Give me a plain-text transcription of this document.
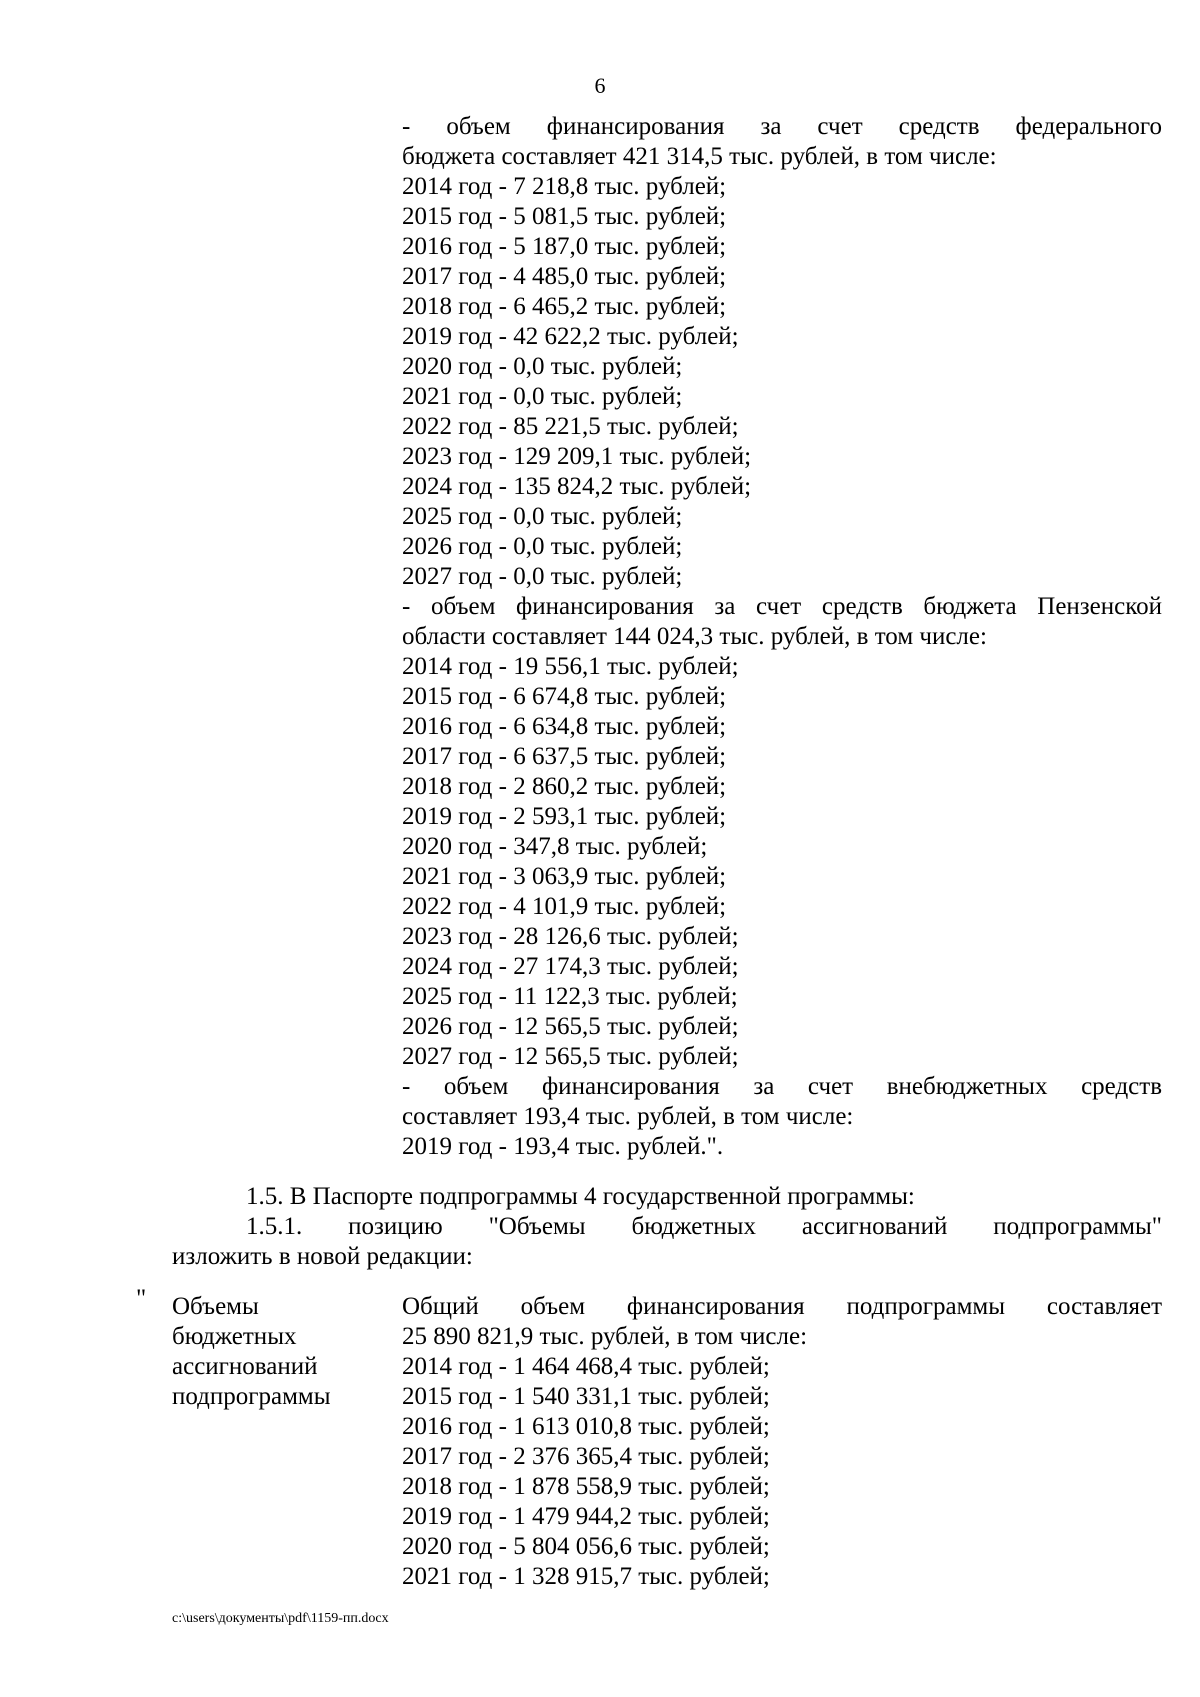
6
- объем финансирования за счет средств федерального
бюджета составляет 421 314,5 тыс. рублей, в том числе:
2014 год - 7 218,8 тыс. рублей;
2015 год - 5 081,5 тыс. рублей;
2016 год - 5 187,0 тыс. рублей;
2017 год - 4 485,0 тыс. рублей;
2018 год - 6 465,2 тыс. рублей;
2019 год - 42 622,2 тыс. рублей;
2020 год - 0,0 тыс. рублей;
2021 год - 0,0 тыс. рублей;
2022 год - 85 221,5 тыс. рублей;
2023 год - 129 209,1 тыс. рублей;
2024 год - 135 824,2 тыс. рублей;
2025 год - 0,0 тыс. рублей;
2026 год - 0,0 тыс. рублей;
2027 год - 0,0 тыс. рублей;
- объем финансирования за счет средств бюджета Пензенской
области составляет 144 024,3 тыс. рублей, в том числе:
2014 год - 19 556,1 тыс. рублей;
2015 год - 6 674,8 тыс. рублей;
2016 год - 6 634,8 тыс. рублей;
2017 год - 6 637,5 тыс. рублей;
2018 год - 2 860,2 тыс. рублей;
2019 год - 2 593,1 тыс. рублей;
2020 год - 347,8 тыс. рублей;
2021 год - 3 063,9 тыс. рублей;
2022 год - 4 101,9 тыс. рублей;
2023 год - 28 126,6 тыс. рублей;
2024 год - 27 174,3 тыс. рублей;
2025 год - 11 122,3 тыс. рублей;
2026 год - 12 565,5 тыс. рублей;
2027 год - 12 565,5 тыс. рублей;
- объем финансирования за счет внебюджетных средств
составляет 193,4 тыс. рублей, в том числе:
2019 год - 193,4 тыс. рублей.".
1.5. В Паспорте подпрограммы 4 государственной программы:
1.5.1. позицию "Объемы бюджетных ассигнований подпрограммы"
изложить в новой редакции:
" Объемы
бюджетных
ассигнований
подпрограммы
Общий объем финансирования подпрограммы составляет
25 890 821,9 тыс. рублей, в том числе:
2014 год - 1 464 468,4 тыс. рублей;
2015 год - 1 540 331,1 тыс. рублей;
2016 год - 1 613 010,8 тыс. рублей;
2017 год - 2 376 365,4 тыс. рублей;
2018 год - 1 878 558,9 тыс. рублей;
2019 год - 1 479 944,2 тыс. рублей;
2020 год - 5 804 056,6 тыс. рублей;
2021 год - 1 328 915,7 тыс. рублей;
c:\users\документы\pdf\1159-пп.docx
